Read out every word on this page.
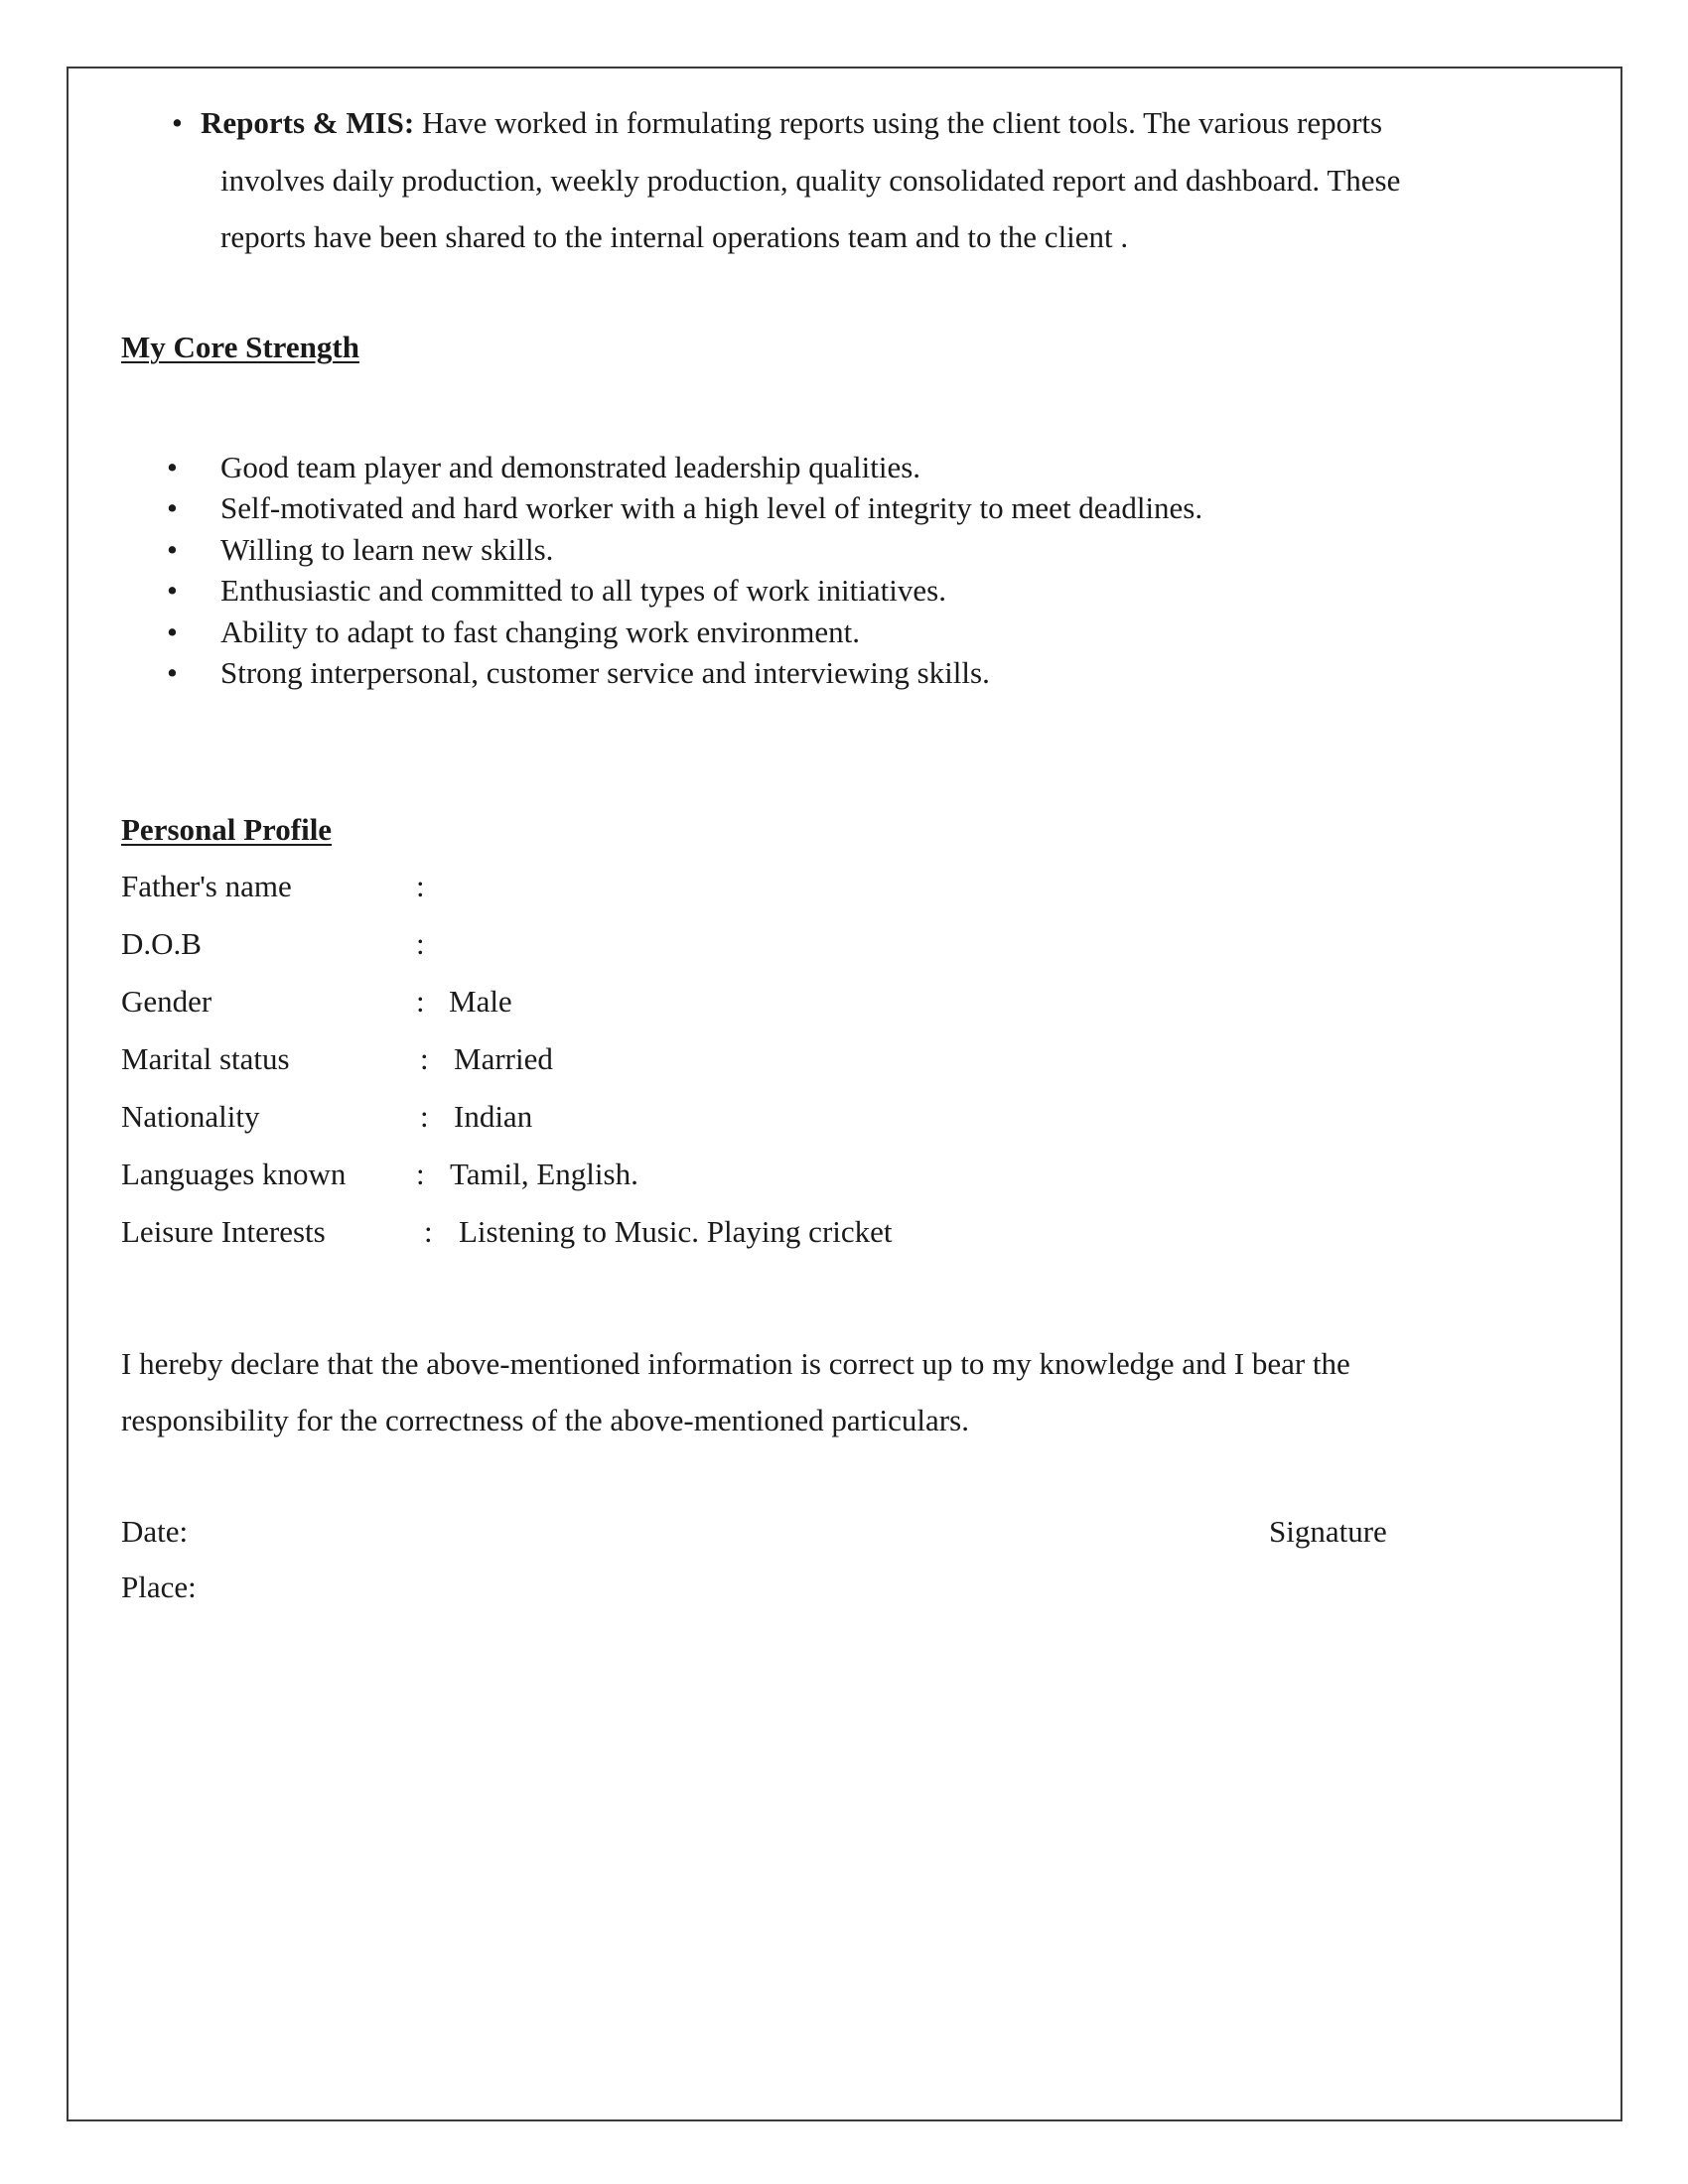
• Reports & MIS: Have worked in formulating reports using the client tools. The various reports
involves daily production, weekly production, quality consolidated report and dashboard. These
reports have been shared to the internal operations team and to the client .
My Core Strength
• Good team player and demonstrated leadership qualities.
• Self-motivated and hard worker with a high level of integrity to meet deadlines.
• Willing to learn new skills.
• Enthusiastic and committed to all types of work initiatives.
• Ability to adapt to fast changing work environment.
• Strong interpersonal, customer service and interviewing skills.
Personal Profile
Father's name	:
D.O.B	:
Gender	: Male
Marital status	: Married
Nationality	: Indian
Languages known : Tamil, English.
Leisure Interests	: Listening to Music. Playing cricket
I hereby declare that the above-mentioned information is correct up to my knowledge and I bear the
responsibility for the correctness of the above-mentioned particulars.
Date:	Signature
Place:
